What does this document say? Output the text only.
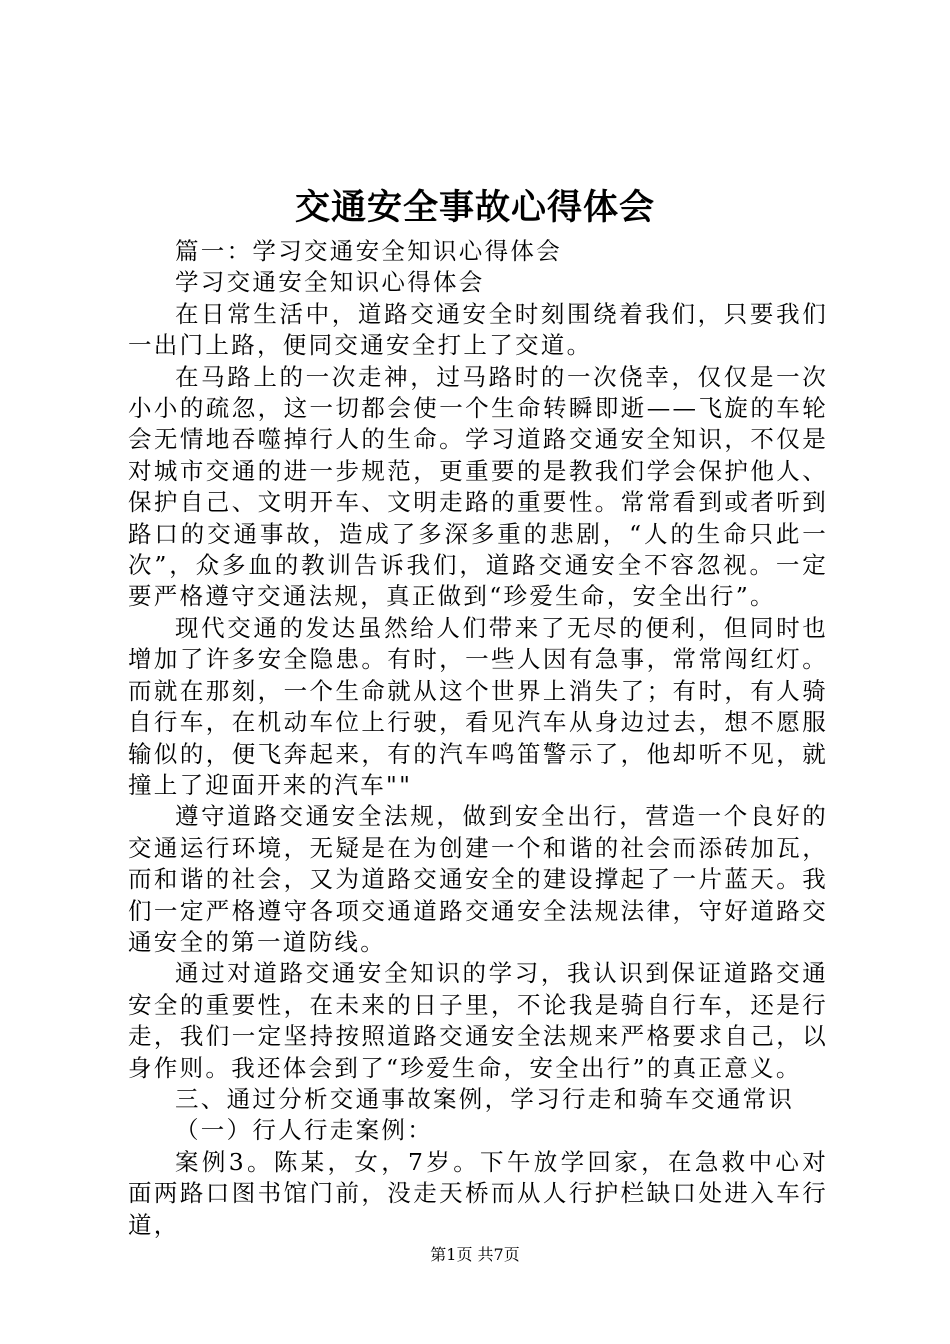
交通安全事故心得体会

篇一：学习交通安全知识心得体会

学习交通安全知识心得体会

在日常生活中，道路交通安全时刻围绕着我们，只要我们一出门上路，便同交通安全打上了交道。

在马路上的一次走神，过马路时的一次侥幸，仅仅是一次小小的疏忽，这一切都会使一个生命转瞬即逝——飞旋的车轮会无情地吞噬掉行人的生命。学习道路交通安全知识，不仅是对城市交通的进一步规范，更重要的是教我们学会保护他人、保护自己、文明开车、文明走路的重要性。常常看到或者听到路口的交通事故，造成了多深多重的悲剧，“人的生命只此一次”，众多血的教训告诉我们，道路交通安全不容忽视。一定要严格遵守交通法规，真正做到“珍爱生命，安全出行”。

现代交通的发达虽然给人们带来了无尽的便利，但同时也增加了许多安全隐患。有时，一些人因有急事，常常闯红灯。而就在那刻，一个生命就从这个世界上消失了；有时，有人骑自行车，在机动车位上行驶，看见汽车从身边过去，想不愿服输似的，便飞奔起来，有的汽车鸣笛警示了，他却听不见，就撞上了迎面开来的汽车""

遵守道路交通安全法规，做到安全出行，营造一个良好的交通运行环境，无疑是在为创建一个和谐的社会而添砖加瓦，而和谐的社会，又为道路交通安全的建设撑起了一片蓝天。我们一定严格遵守各项交通道路交通安全法规法律，守好道路交通安全的第一道防线。

通过对道路交通安全知识的学习，我认识到保证道路交通安全的重要性，在未来的日子里，不论我是骑自行车，还是行走，我们一定坚持按照道路交通安全法规来严格要求自己，以身作则。我还体会到了“珍爱生命，安全出行”的真正意义。

三、通过分析交通事故案例，学习行走和骑车交通常识

（一）行人行走案例：

案例3。陈某，女，7岁。下午放学回家，在急救中心对面两路口图书馆门前，没走天桥而从人行护栏缺口处进入车行道，

第1页 共7页
